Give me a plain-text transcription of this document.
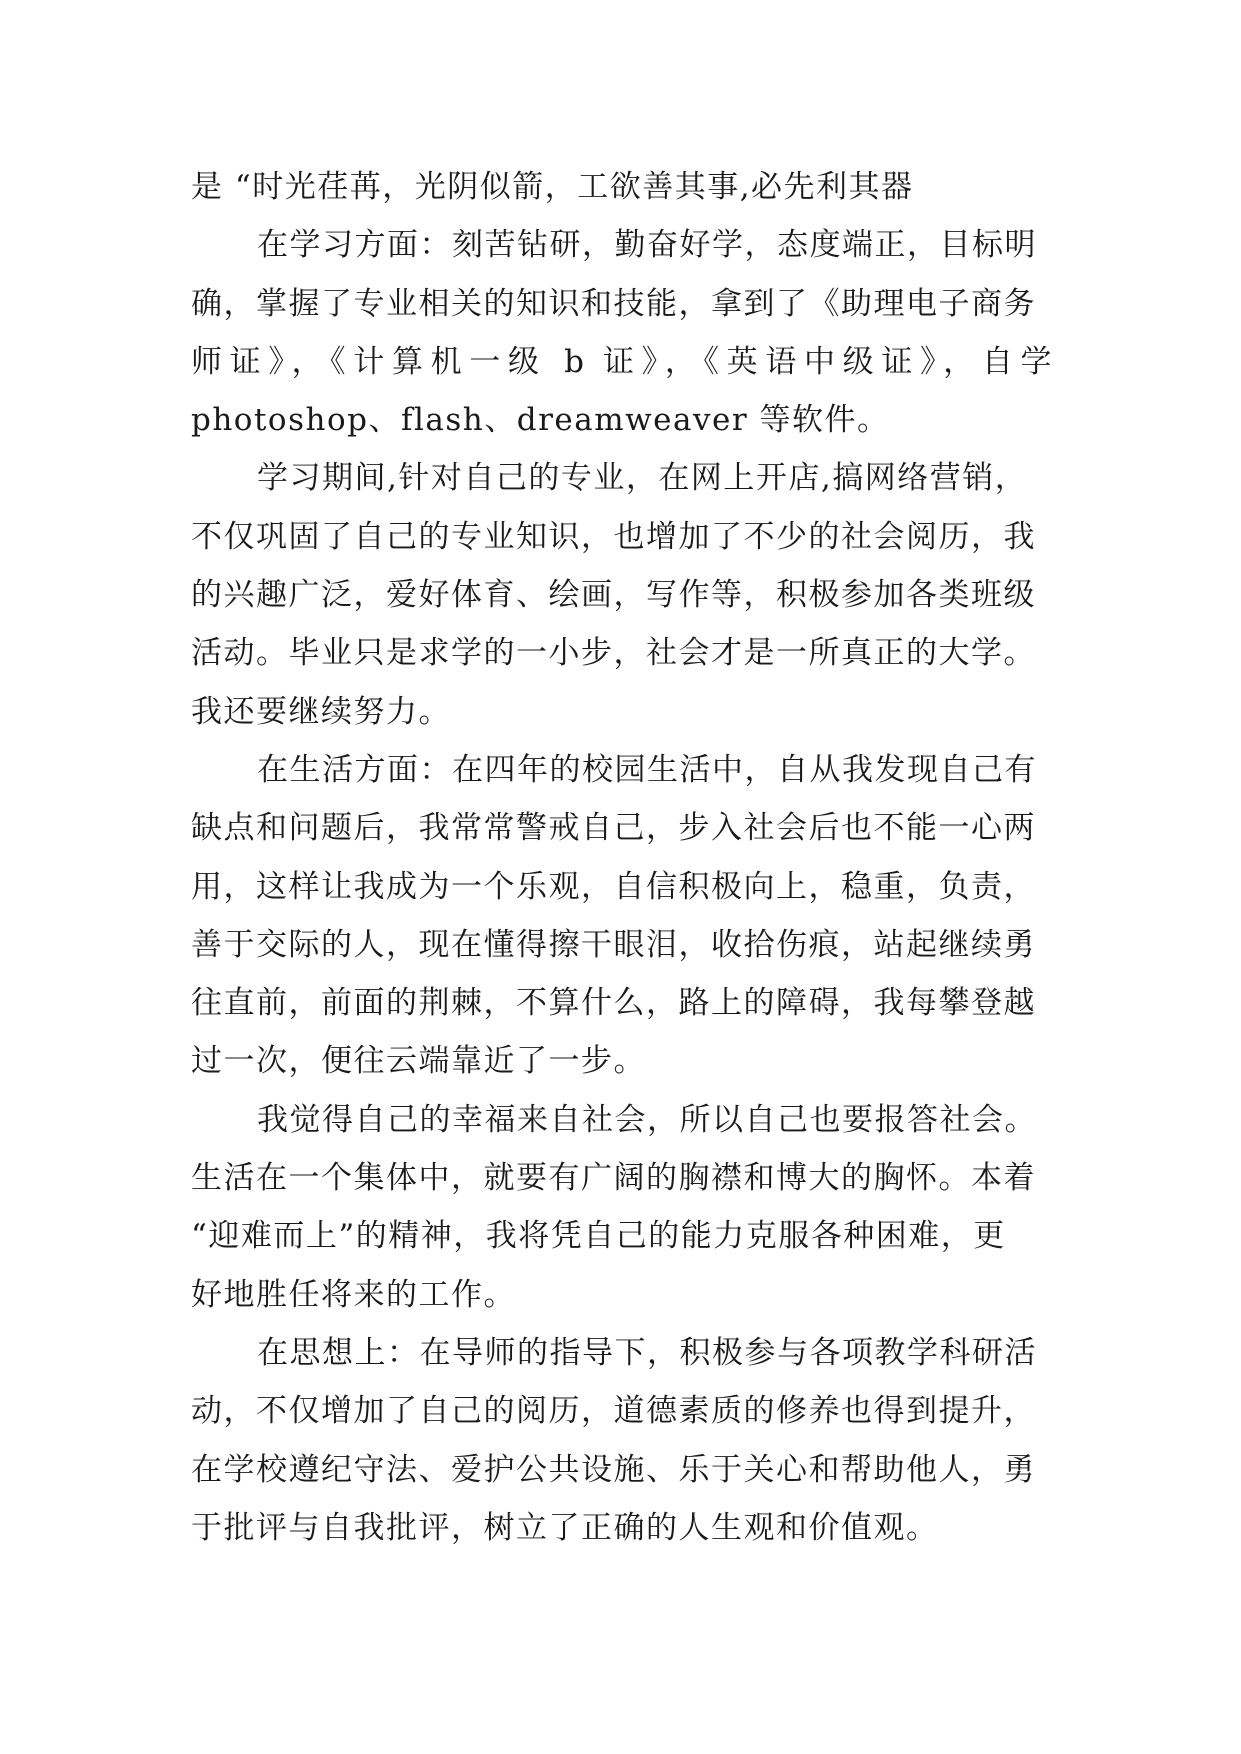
是 “时光荏苒，光阴似箭，工欲善其事,必先利其器
在学习方面：刻苦钻研，勤奋好学，态度端正，目标明
确，掌握了专业相关的知识和技能，拿到了《助理电子商务
师证》，《计算机一级 b 证》，《英语中级证》，自学
photoshop、flash、dreamweaver 等软件。
学习期间,针对自己的专业，在网上开店,搞网络营销，
不仅巩固了自己的专业知识，也增加了不少的社会阅历，我
的兴趣广泛，爱好体育、绘画，写作等，积极参加各类班级
活动。毕业只是求学的一小步，社会才是一所真正的大学。
我还要继续努力。
在生活方面：在四年的校园生活中，自从我发现自己有
缺点和问题后，我常常警戒自己，步入社会后也不能一心两
用，这样让我成为一个乐观，自信积极向上，稳重，负责，
善于交际的人，现在懂得擦干眼泪，收拾伤痕，站起继续勇
往直前，前面的荆棘，不算什么，路上的障碍，我每攀登越
过一次，便往云端靠近了一步。
我觉得自己的幸福来自社会，所以自己也要报答社会。
生活在一个集体中，就要有广阔的胸襟和博大的胸怀。本着
“迎难而上”的精神，我将凭自己的能力克服各种困难，更
好地胜任将来的工作。
在思想上：在导师的指导下，积极参与各项教学科研活
动，不仅增加了自己的阅历，道德素质的修养也得到提升，
在学校遵纪守法、爱护公共设施、乐于关心和帮助他人，勇
于批评与自我批评，树立了正确的人生观和价值观。
